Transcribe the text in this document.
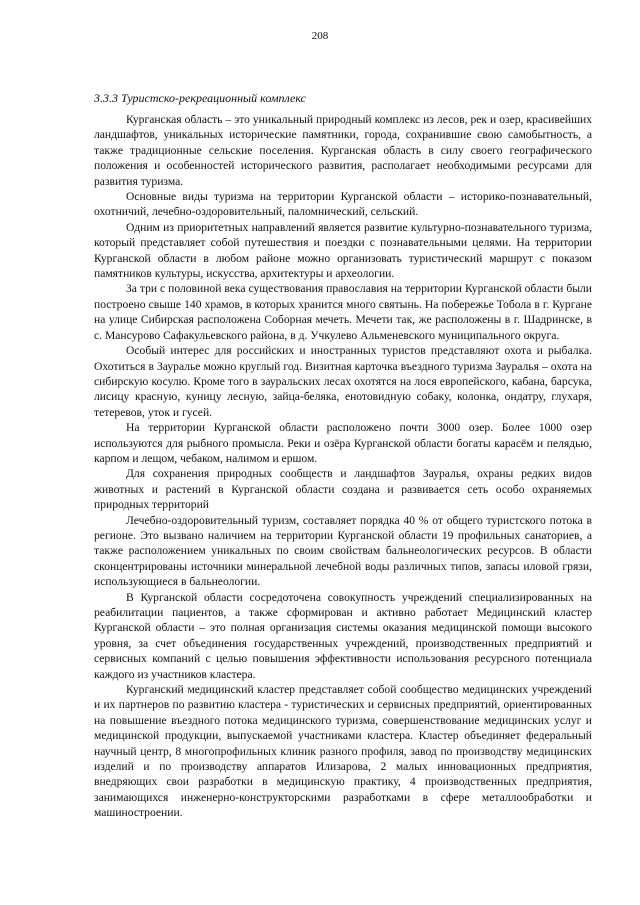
208
3.3.3 Туристско-рекреационный комплекс

Курганская область – это уникальный природный комплекс из лесов, рек и озер, красивейших ландшафтов, уникальных исторические памятники, города, сохранившие свою самобытность, а также традиционные сельские поселения. Курганская область в силу своего географического положения и особенностей исторического развития, располагает необходимыми ресурсами для развития туризма.

Основные виды туризма на территории Курганской области – историко-познавательный, охотничий, лечебно-оздоровительный, паломнический, сельский.

Одним из приоритетных направлений является развитие культурно-познавательного туризма, который представляет собой путешествия и поездки с познавательными целями. На территории Курганской области в любом районе можно организовать туристический маршрут с показом памятников культуры, искусства, архитектуры и археологии.

За три с половиной века существования православия на территории Курганской области были построено свыше 140 храмов, в которых хранится много святынь. На побережье Тобола в г. Кургане на улице Сибирская расположена Соборная мечеть. Мечети так, же расположены в г. Шадринске, в с. Мансурово Сафакульевского района, в д. Учкулево Альменевского муниципального округа.

Особый интерес для российских и иностранных туристов представляют охота и рыбалка. Охотиться в Зауралье можно круглый год. Визитная карточка въездного туризма Зауралья – охота на сибирскую косулю. Кроме того в зауральских лесах охотятся на лося европейского, кабана, барсука, лисицу красную, куницу лесную, зайца-беляка, енотовидную собаку, колонка, ондатру, глухаря, тетеревов, уток и гусей.

На территории Курганской области расположено почти 3000 озер. Более 1000 озер используются для рыбного промысла. Реки и озёра Курганской области богаты карасём и пелядью, карпом и лещом, чебаком, налимом и ершом.

Для сохранения природных сообществ и ландшафтов Зауралья, охраны редких видов животных и растений в Курганской области создана и развивается сеть особо охраняемых природных территорий

Лечебно-оздоровительный туризм, составляет порядка 40 % от общего туристского потока в регионе. Это вызвано наличием на территории Курганской области 19 профильных санаториев, а также расположением уникальных по своим свойствам бальнеологических ресурсов. В области сконцентрированы источники минеральной лечебной воды различных типов, запасы иловой грязи, использующиеся в бальнеологии.

В Курганской области сосредоточена совокупность учреждений специализированных на реабилитации пациентов, а также сформирован и активно работает Медицинский кластер Курганской области – это полная организация системы оказания медицинской помощи высокого уровня, за счет объединения государственных учреждений, производственных предприятий и сервисных компаний с целью повышения эффективности использования ресурсного потенциала каждого из участников кластера.

Курганский медицинский кластер представляет собой сообщество медицинских учреждений и их партнеров по развитию кластера - туристических и сервисных предприятий, ориентированных на повышение въездного потока медицинского туризма, совершенствование медицинских услуг и медицинской продукции, выпускаемой участниками кластера. Кластер объединяет федеральный научный центр, 8 многопрофильных клиник разного профиля, завод по производству медицинских изделий и по производству аппаратов Илизарова, 2 малых инновационных предприятия, внедряющих свои разработки в медицинскую практику, 4 производственных предприятия, занимающихся инженерно-конструкторскими разработками в сфере металлообработки и машиностроении.
